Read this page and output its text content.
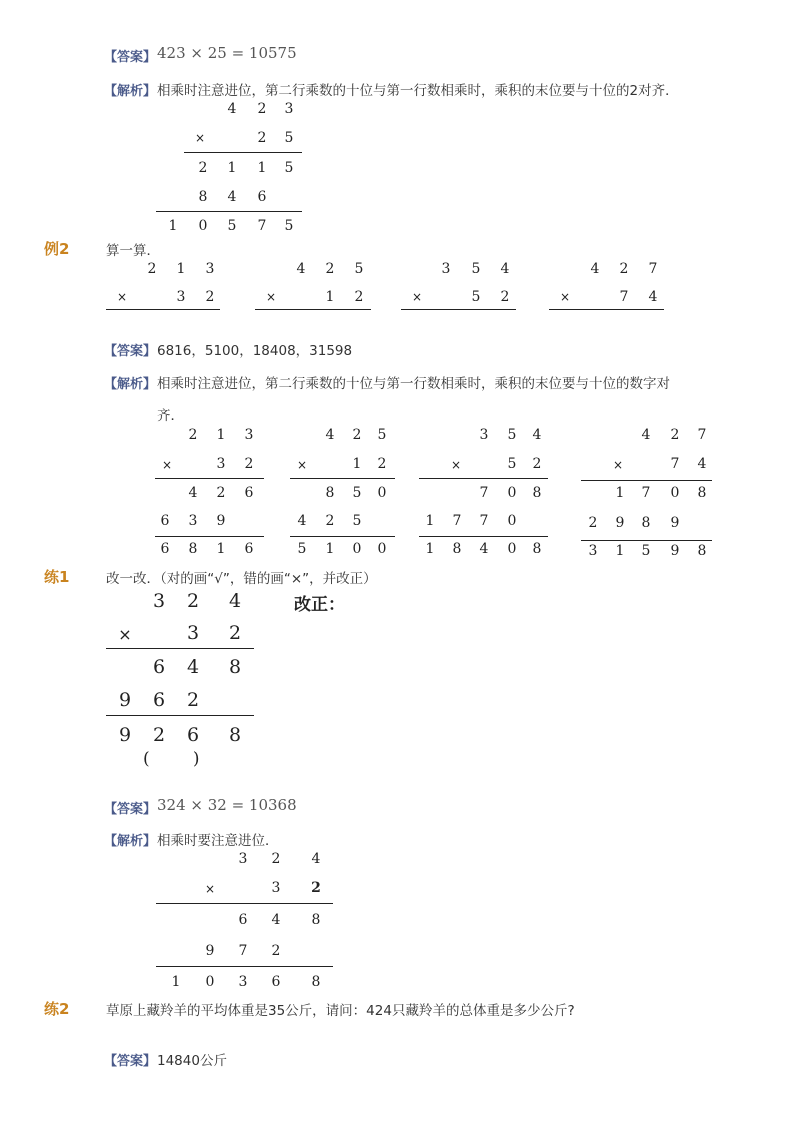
【答案】 423 × 25 = 10575
【解析】 相乘时注意进位，第二行乘数的十位与第一行数相乘时，乘积的末位要与十位的2对齐．
4	2	3
×	2	5
2	1	1	5
8	4	6
1	0	5	7	5
例2	算一算．
2	1	3
×	3	2
4	2	5
×	1	2
3	5	4
×	5	2
4	2	7
×	7	4
【答案】 6816，5100，18408，31598
【解析】 相乘时注意进位，第二行乘数的十位与第一行数相乘时，乘积的末位要与十位的数字对
齐．
2	1	3
×	3	2
4	2	6
6	3	9
6	8	1	6
4	2	5
×	1	2
8	5	0
4	2	5
5	1	0	0
3	5	4
×	5	2
7	0	8
1	7	7	0
1	8	4	0	8
4	2	7
×	7	4
1	7	0	8
2	9	8	9
3	1	5	9	8
练1	改一改．（对的画“√”，错的画“×”，并改正）
3	2	4
×	3	2
6	4	8
9	6	2
9	2	6	8
(        )
改正：
【答案】 324 × 32 = 10368
【解析】 相乘时要注意进位．
3	2	4
×	3	2
6	4	8
9	7	2
1	0	3	6	8
练2	草原上藏羚羊的平均体重是35公斤，请问：424只藏羚羊的总体重是多少公斤?
【答案】 14840公斤
